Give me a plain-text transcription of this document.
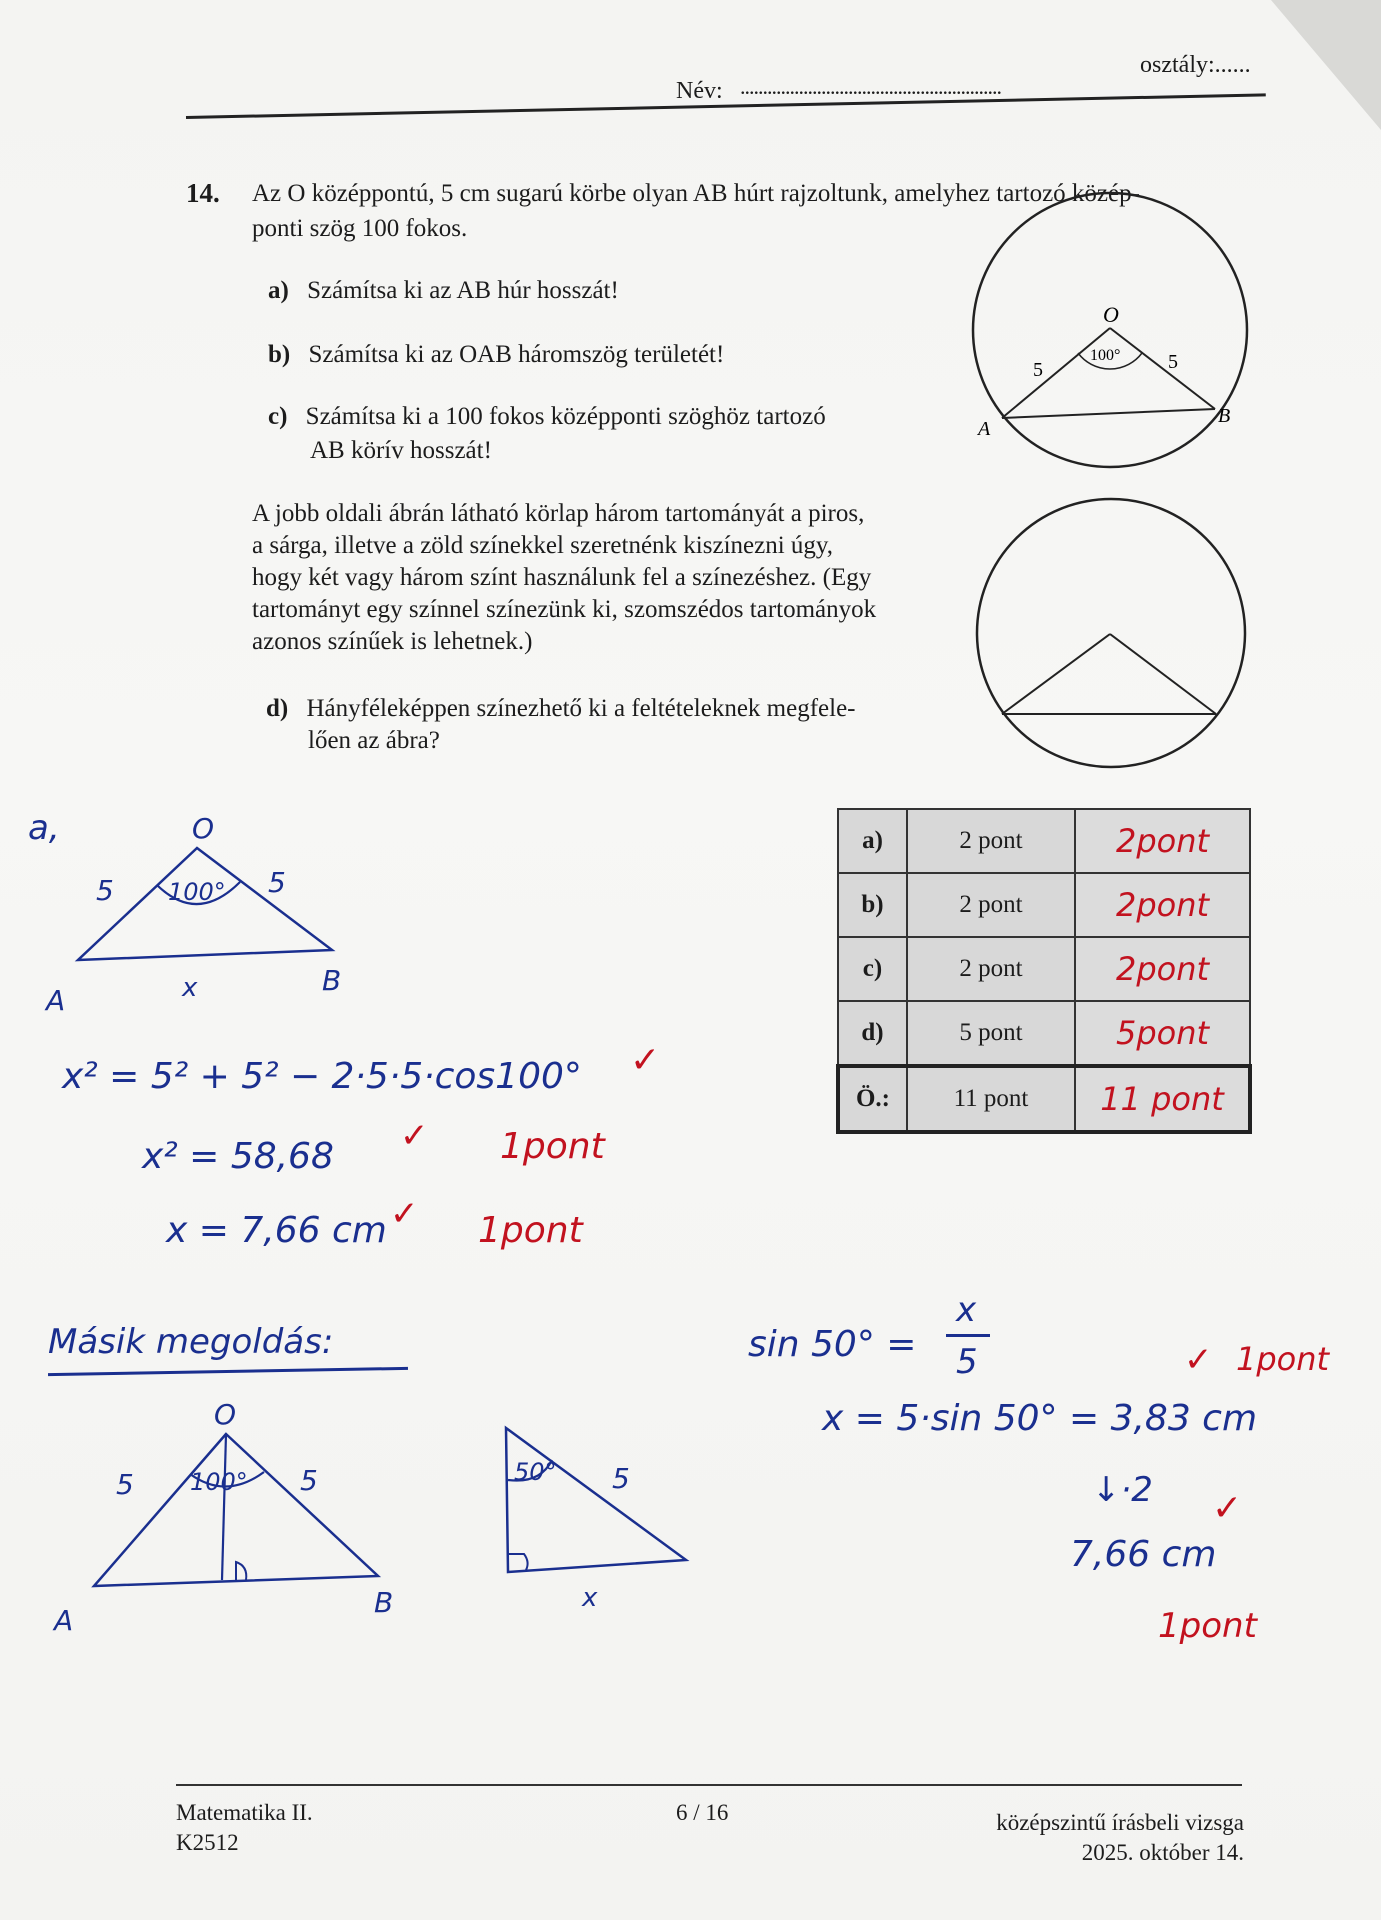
Név: ..........................................................
osztály:......
14. Az O középpontú, 5 cm sugarú körbe olyan AB húrt rajzoltunk, amelyhez tartozó közép-
ponti szög 100 fokos.
a) Számítsa ki az AB húr hosszát!
b) Számítsa ki az OAB háromszög területét!
c) Számítsa ki a 100 fokos középponti szöghöz tartozó
AB körív hosszát!
A jobb oldali ábrán látható körlap három tartományát a piros,
a sárga, illetve a zöld színekkel szeretnénk kiszínezni úgy,
hogy két vagy három színt használunk fel a színezéshez. (Egy
tartományt egy színnel színezünk ki, szomszédos tartományok
azonos színűek is lehetnek.)
d) Hányféleképpen színezhető ki a feltételeknek megfele-
lően az ábra?
O
100°
5	5
A
B
a)	2 pont	2pont
b)	2 pont	2pont
c)	2 pont	2pont
d)	5 pont	5pont
Ö.:	11 pont	11 pont
a,	O
100°
5	5
A
B
x
x² = 5² + 5² − 2·5·5·cos100° ✓
x² = 58,68 ✓ 1pont
x = 7,66 cm ✓ 1pont
Másik megoldás:
O
100°
5	5
A
B
50° 5
x
sin 50° =
x
5	✓ 1pont
x = 5·sin 50° = 3,83 cm
↓·2 ✓
7,66 cm
1pont
Matematika II.
K2512
6 / 16	középszintű írásbeli vizsga
2025. október 14.
